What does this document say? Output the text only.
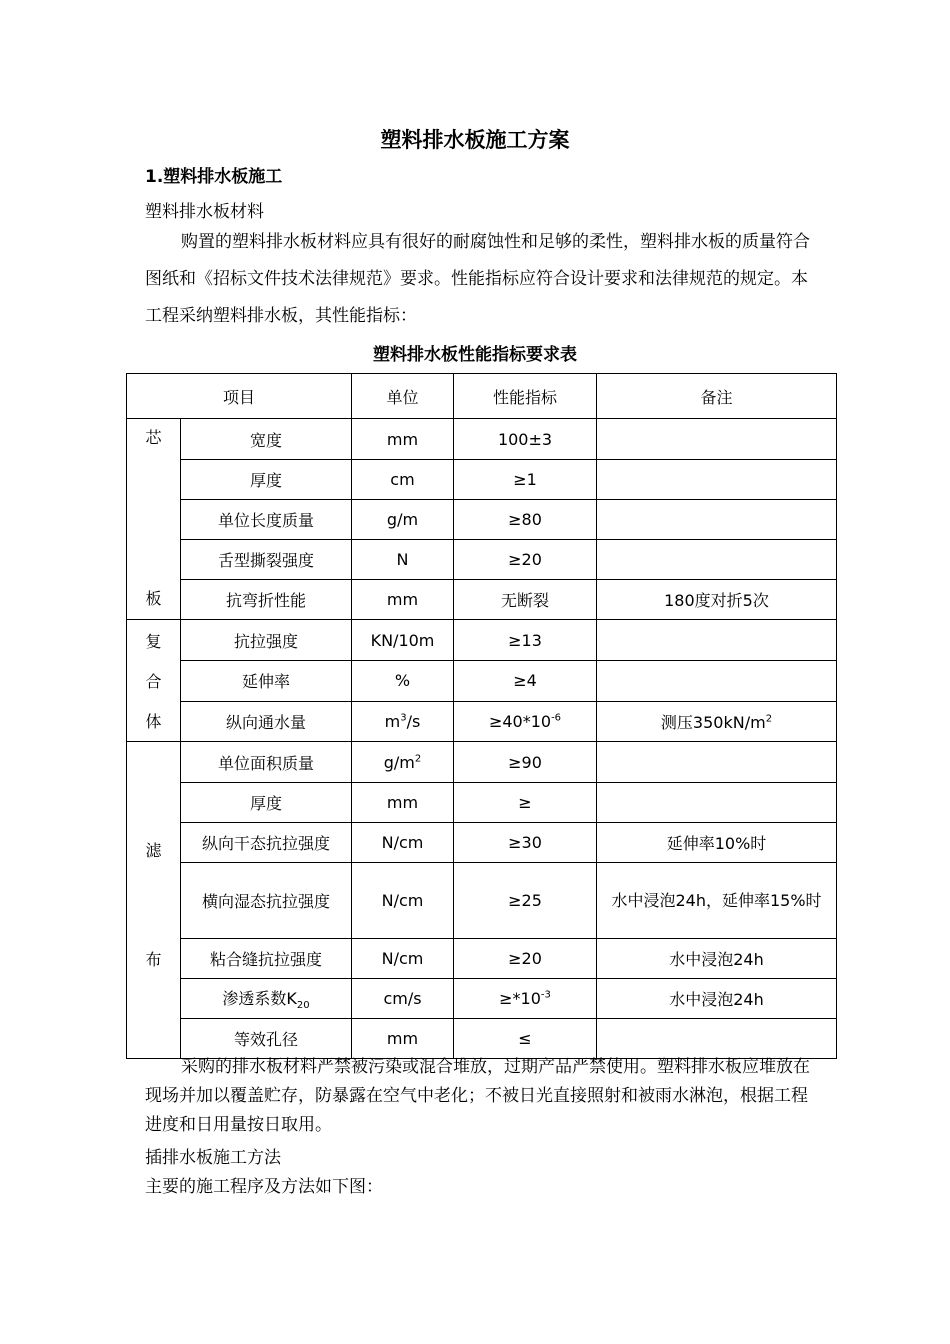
塑料排水板施工方案
1.塑料排水板施工
塑料排水板材料
购置的塑料排水板材料应具有很好的耐腐蚀性和足够的柔性，塑料排水板的质量符合图纸和《招标文件技术法律规范》要求。性能指标应符合设计要求和法律规范的规定。本工程采纳塑料排水板，其性能指标：
塑料排水板性能指标要求表
项目		单位	性能指标	备注

芯
板	宽度	mm	100±3	
	厚度	cm	≥1	
	单位长度质量	g/m	≥80	
	舌型撕裂强度	N	≥20	
	抗弯折性能	mm	无断裂	180度对折5次

复
合
体	抗拉强度	KN/10m	≥13	
	延伸率	%	≥4	
	纵向通水量	$m^3/s$	$\ge 40*10^{-6}$	测压$350kN/m^2$

滤
布	单位面积质量	$g/m^2$	≥90	
	厚度	mm	≥	
	纵向干态抗拉强度	N/cm	≥30	延伸率10%时
	横向湿态抗拉强度	N/cm	≥25	水中浸泡24h，延伸率15%时
	粘合缝抗拉强度	N/cm	≥20	水中浸泡24h
	渗透系数$K_{20}$	cm/s	$\ge*10^{-3}$	水中浸泡24h
	等效孔径	mm	≤	
采购的排水板材料严禁被污染或混合堆放，过期产品严禁使用。塑料排水板应堆放在现场并加以覆盖贮存，防暴露在空气中老化；不被日光直接照射和被雨水淋泡，根据工程进度和日用量按日取用。
插排水板施工方法
主要的施工程序及方法如下图：
